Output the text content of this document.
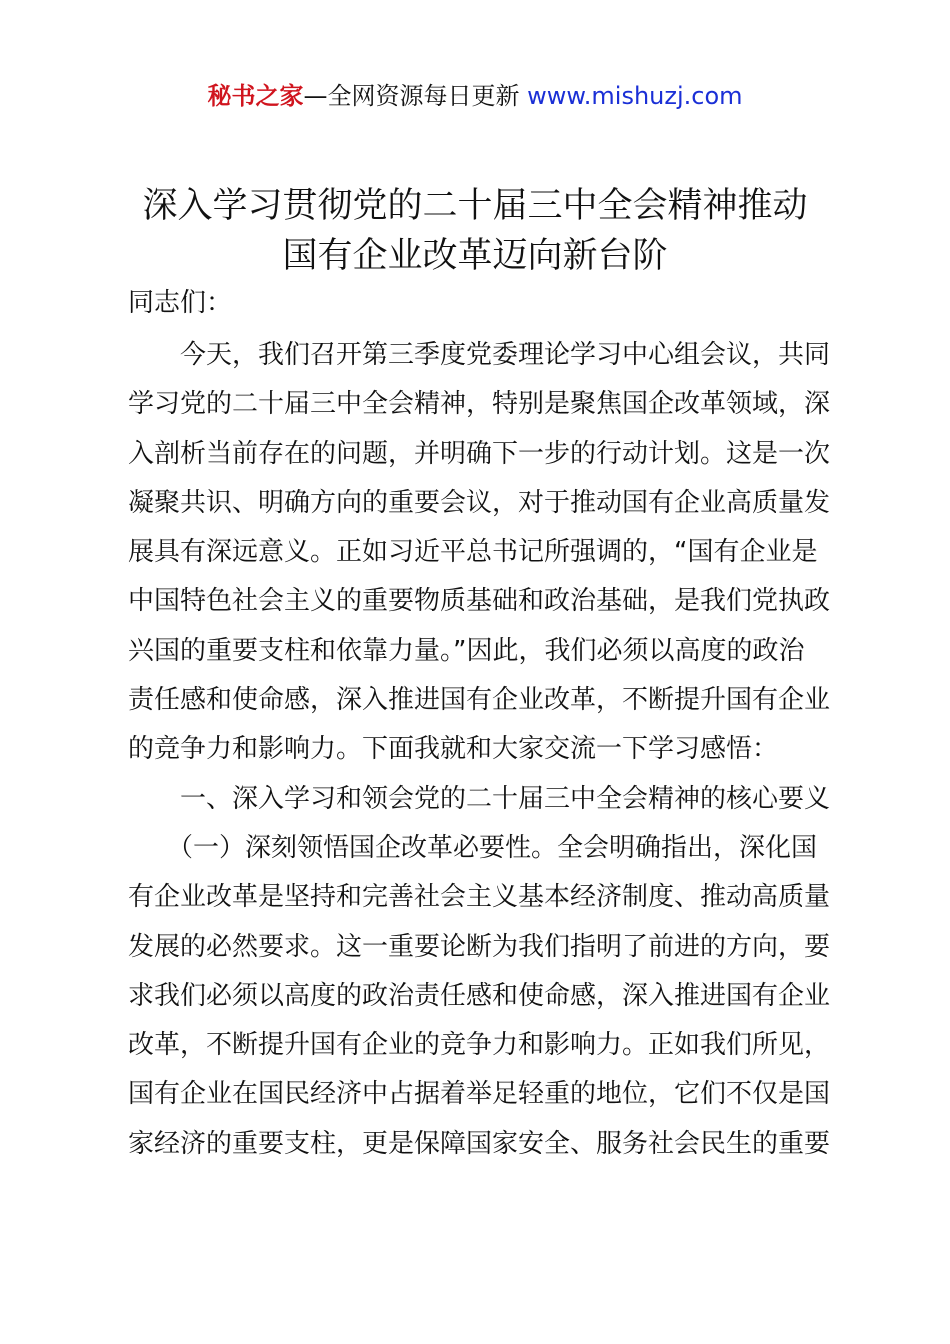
秘书之家—全网资源每日更新 www.mishuzj.com
深入学习贯彻党的二十届三中全会精神推动
国有企业改革迈向新台阶
同志们：
　　今天，我们召开第三季度党委理论学习中心组会议，共同
学习党的二十届三中全会精神，特别是聚焦国企改革领域，深
入剖析当前存在的问题，并明确下一步的行动计划。这是一次
凝聚共识、明确方向的重要会议，对于推动国有企业高质量发
展具有深远意义。正如习近平总书记所强调的，“国有企业是
中国特色社会主义的重要物质基础和政治基础，是我们党执政
兴国的重要支柱和依靠力量。”因此，我们必须以高度的政治
责任感和使命感，深入推进国有企业改革，不断提升国有企业
的竞争力和影响力。下面我就和大家交流一下学习感悟：
　　一、深入学习和领会党的二十届三中全会精神的核心要义
　　（一）深刻领悟国企改革必要性。全会明确指出，深化国
有企业改革是坚持和完善社会主义基本经济制度、推动高质量
发展的必然要求。这一重要论断为我们指明了前进的方向，要
求我们必须以高度的政治责任感和使命感，深入推进国有企业
改革，不断提升国有企业的竞争力和影响力。正如我们所见，
国有企业在国民经济中占据着举足轻重的地位，它们不仅是国
家经济的重要支柱，更是保障国家安全、服务社会民生的重要
